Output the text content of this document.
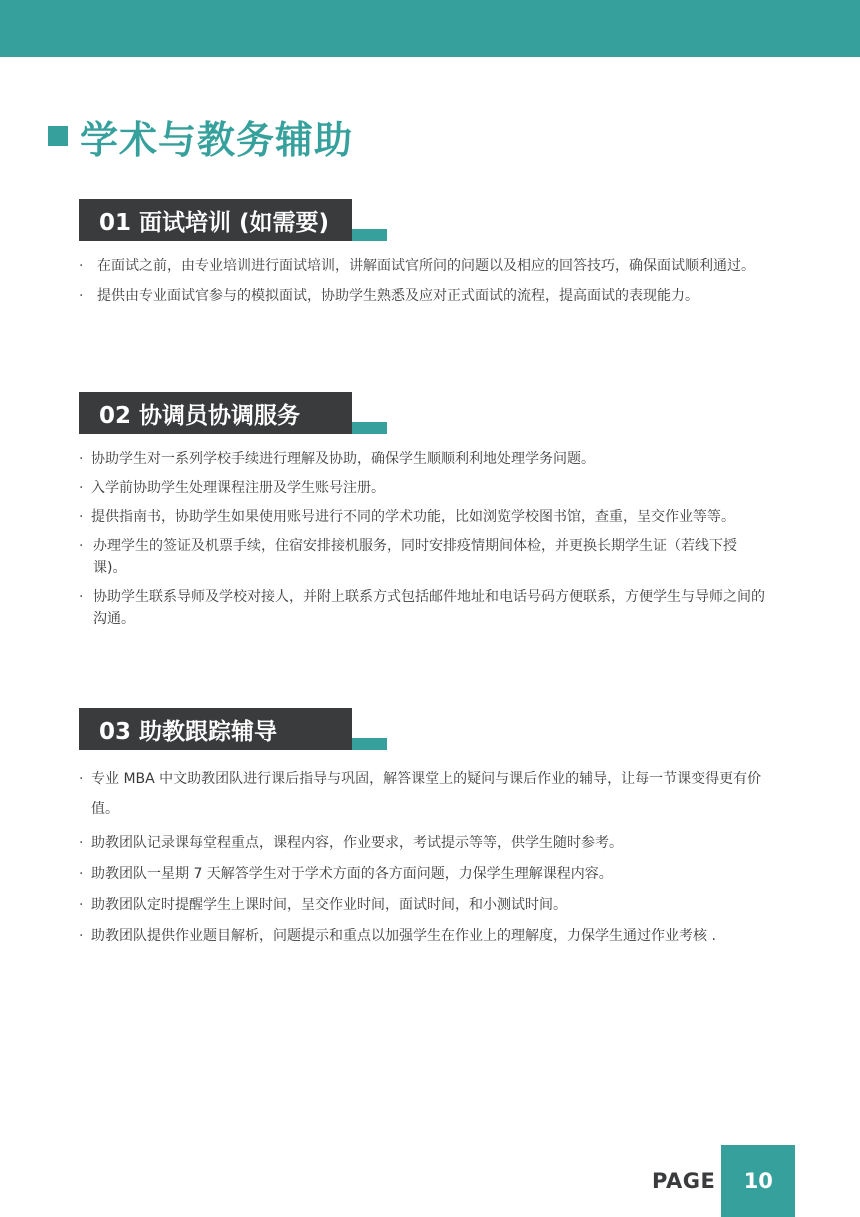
学术与教务辅助
01 面试培训 (如需要)
· 在面试之前，由专业培训进行面试培训，讲解面试官所问的问题以及相应的回答技巧，确保面试顺利通过。
· 提供由专业面试官参与的模拟面试，协助学生熟悉及应对正式面试的流程，提高面试的表现能力。
02 协调员协调服务
· 协助学生对一系列学校手续进行理解及协助，确保学生顺顺利利地处理学务问题。
· 入学前协助学生处理课程注册及学生账号注册。
· 提供指南书，协助学生如果使用账号进行不同的学术功能，比如浏览学校图书馆，查重，呈交作业等等。
· 办理学生的签证及机票手续，住宿安排接机服务，同时安排疫情期间体检，并更换长期学生证（若线下授课)。
· 协助学生联系导师及学校对接人，并附上联系方式包括邮件地址和电话号码方便联系，方便学生与导师之间的沟通。
03 助教跟踪辅导
· 专业 MBA 中文助教团队进行课后指导与巩固，解答课堂上的疑问与课后作业的辅导，让每一节课变得更有价值。
· 助教团队记录课每堂程重点，课程内容，作业要求，考试提示等等，供学生随时参考。
· 助教团队一星期 7 天解答学生对于学术方面的各方面问题，力保学生理解课程内容。
· 助教团队定时提醒学生上课时间，呈交作业时间，面试时间，和小测试时间。
· 助教团队提供作业题目解析，问题提示和重点以加强学生在作业上的理解度，力保学生通过作业考核 .
PAGE	10
